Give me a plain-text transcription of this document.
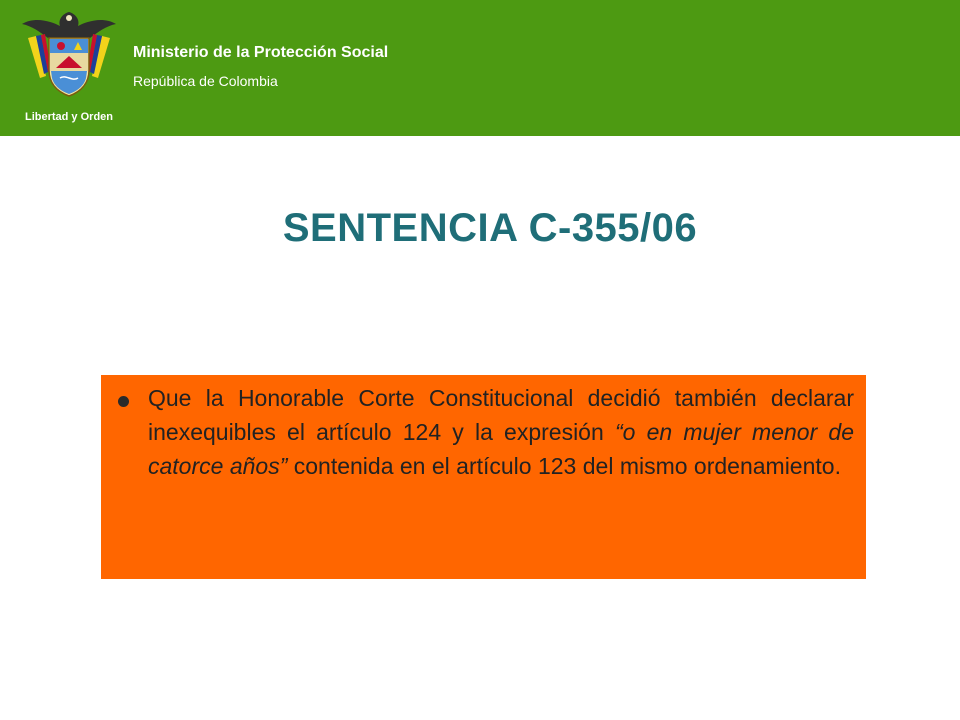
Libertad y Orden
Ministerio de la Protección Social
República de Colombia
SENTENCIA C-355/06
Que la Honorable Corte Constitucional decidió también declarar inexequibles el artículo 124 y la expresión “o en mujer menor de catorce años” contenida en el artículo 123 del mismo ordenamiento.
